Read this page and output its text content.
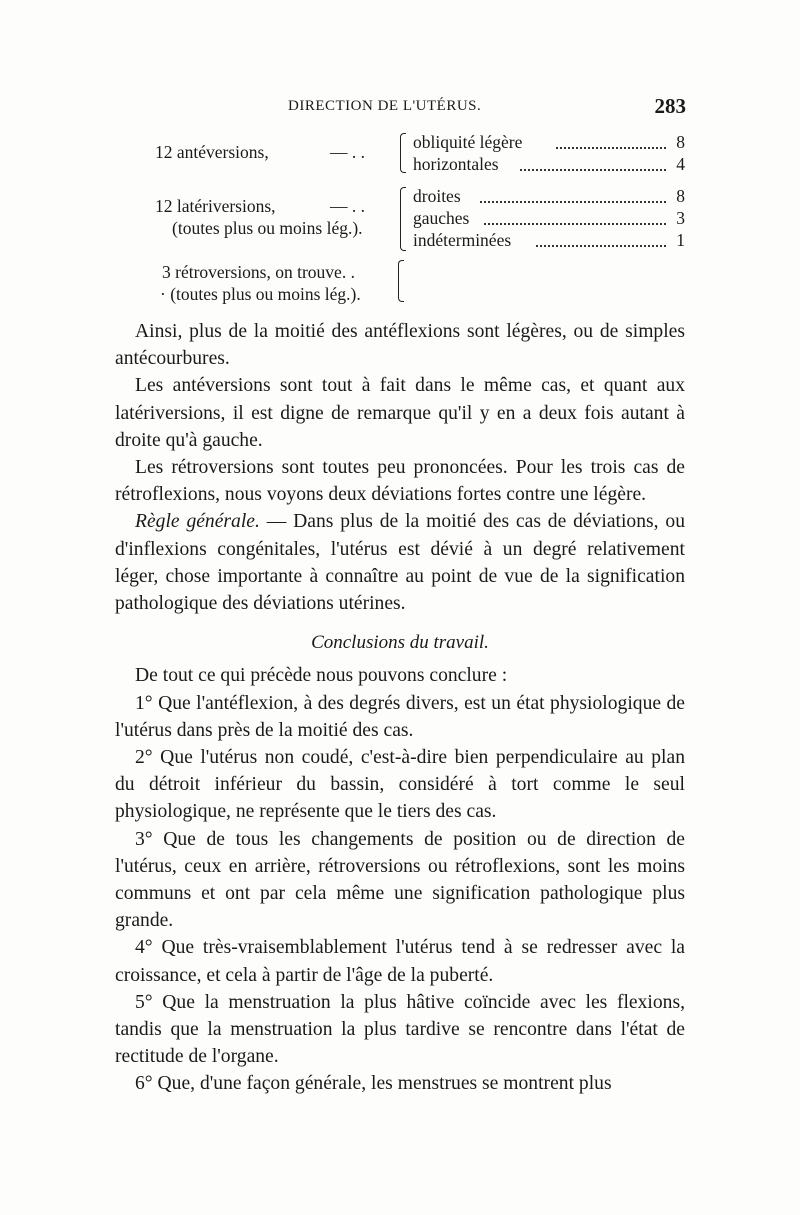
DIRECTION DE L'UTÉRUS.	283
12 antéversions,	— . .	obliquité légère	8
horizontales	4
12 latériversions,	— . .
(toutes plus ou moins lég.).
droites	8
gauches	3
indéterminées	1
3 rétroversions, on trouve. .
· (toutes plus ou moins lég.).

Ainsi, plus de la moitié des antéflexions sont légères, ou de simples antécourbures.

Les antéversions sont tout à fait dans le même cas, et quant aux latériversions, il est digne de remarque qu'il y en a deux fois autant à droite qu'à gauche.

Les rétroversions sont toutes peu prononcées. Pour les trois cas de rétroflexions, nous voyons deux déviations fortes contre une légère.

Règle générale. — Dans plus de la moitié des cas de déviations, ou d'inflexions congénitales, l'utérus est dévié à un degré relativement léger, chose importante à connaître au point de vue de la signification pathologique des déviations utérines.

Conclusions du travail.

De tout ce qui précède nous pouvons conclure :

1° Que l'antéflexion, à des degrés divers, est un état physiologique de l'utérus dans près de la moitié des cas.

2° Que l'utérus non coudé, c'est-à-dire bien perpendiculaire au plan du détroit inférieur du bassin, considéré à tort comme le seul physiologique, ne représente que le tiers des cas.

3° Que de tous les changements de position ou de direction de l'utérus, ceux en arrière, rétroversions ou rétroflexions, sont les moins communs et ont par cela même une signification pathologique plus grande.

4° Que très-vraisemblablement l'utérus tend à se redresser avec la croissance, et cela à partir de l'âge de la puberté.

5° Que la menstruation la plus hâtive coïncide avec les flexions, tandis que la menstruation la plus tardive se rencontre dans l'état de rectitude de l'organe.

6° Que, d'une façon générale, les menstrues se montrent plus
